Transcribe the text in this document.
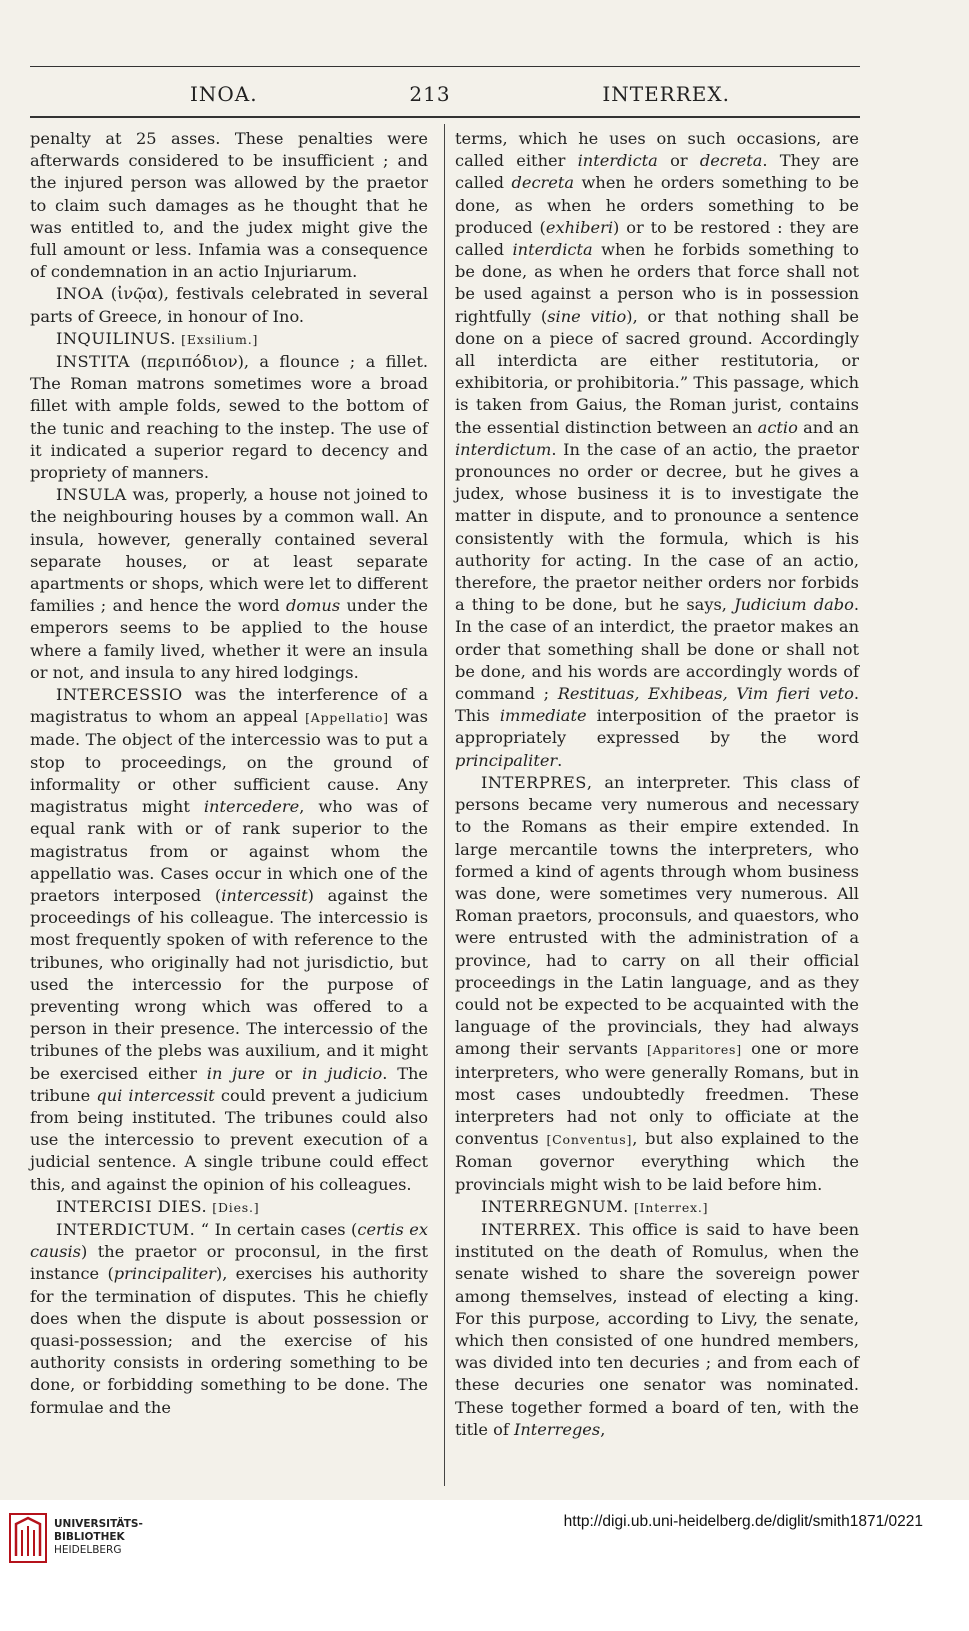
INOA.	213	INTERREX.

penalty at 25 asses. These penalties were afterwards considered to be insufficient ; and the injured person was allowed by the praetor to claim such damages as he thought that he was entitled to, and the judex might give the full amount or less. Infamia was a consequence of condemnation in an actio Injuriarum.

INOA (ἰνῷα), festivals celebrated in several parts of Greece, in honour of Ino.

INQUILINUS. [Exsilium.]

INSTITA (περιπόδιον), a flounce ; a fillet. The Roman matrons sometimes wore a broad fillet with ample folds, sewed to the bottom of the tunic and reaching to the instep. The use of it indicated a superior regard to decency and propriety of manners.

INSULA was, properly, a house not joined to the neighbouring houses by a common wall. An insula, however, generally contained several separate houses, or at least separate apartments or shops, which were let to different families ; and hence the word domus under the emperors seems to be applied to the house where a family lived, whether it were an insula or not, and insula to any hired lodgings.

INTERCESSIO was the interference of a magistratus to whom an appeal [Appellatio] was made. The object of the intercessio was to put a stop to proceedings, on the ground of informality or other sufficient cause. Any magistratus might intercedere, who was of equal rank with or of rank superior to the magistratus from or against whom the appellatio was. Cases occur in which one of the praetors interposed (intercessit) against the proceedings of his colleague. The intercessio is most frequently spoken of with reference to the tribunes, who originally had not jurisdictio, but used the intercessio for the purpose of preventing wrong which was offered to a person in their presence. The intercessio of the tribunes of the plebs was auxilium, and it might be exercised either in jure or in judicio. The tribune qui intercessit could prevent a judicium from being instituted. The tribunes could also use the intercessio to prevent execution of a judicial sentence. A single tribune could effect this, and against the opinion of his colleagues.

INTERCISI DIES. [Dies.]

INTERDICTUM. “ In certain cases (certis ex causis) the praetor or proconsul, in the first instance (principaliter), exercises his authority for the termination of disputes. This he chiefly does when the dispute is about possession or quasi-possession; and the exercise of his authority consists in ordering something to be done, or forbidding something to be done. The formulae and the

terms, which he uses on such occasions, are called either interdicta or decreta. They are called decreta when he orders something to be done, as when he orders something to be produced (exhiberi) or to be restored : they are called interdicta when he forbids something to be done, as when he orders that force shall not be used against a person who is in possession rightfully (sine vitio), or that nothing shall be done on a piece of sacred ground. Accordingly all interdicta are either restitutoria, or exhibitoria, or prohibitoria.” This passage, which is taken from Gaius, the Roman jurist, contains the essential distinction between an actio and an interdictum. In the case of an actio, the praetor pronounces no order or decree, but he gives a judex, whose business it is to investigate the matter in dispute, and to pronounce a sentence consistently with the formula, which is his authority for acting. In the case of an actio, therefore, the praetor neither orders nor forbids a thing to be done, but he says, Judicium dabo. In the case of an interdict, the praetor makes an order that something shall be done or shall not be done, and his words are accordingly words of command ; Restituas, Exhibeas, Vim fieri veto. This immediate interposition of the praetor is appropriately expressed by the word principaliter.

INTERPRES, an interpreter. This class of persons became very numerous and necessary to the Romans as their empire extended. In large mercantile towns the interpreters, who formed a kind of agents through whom business was done, were sometimes very numerous. All Roman praetors, proconsuls, and quaestors, who were entrusted with the administration of a province, had to carry on all their official proceedings in the Latin language, and as they could not be expected to be acquainted with the language of the provincials, they had always among their servants [Apparitores] one or more interpreters, who were generally Romans, but in most cases undoubtedly freedmen. These interpreters had not only to officiate at the conventus [Conventus], but also explained to the Roman governor everything which the provincials might wish to be laid before him.

INTERREGNUM. [Interrex.]

INTERREX. This office is said to have been instituted on the death of Romulus, when the senate wished to share the sovereign power among themselves, instead of electing a king. For this purpose, according to Livy, the senate, which then consisted of one hundred members, was divided into ten decuries ; and from each of these decuries one senator was nominated. These together formed a board of ten, with the title of Interreges,

UNIVERSITÄTS-
BIBLIOTHEK
HEIDELBERG
http://digi.ub.uni-heidelberg.de/diglit/smith1871/0221
